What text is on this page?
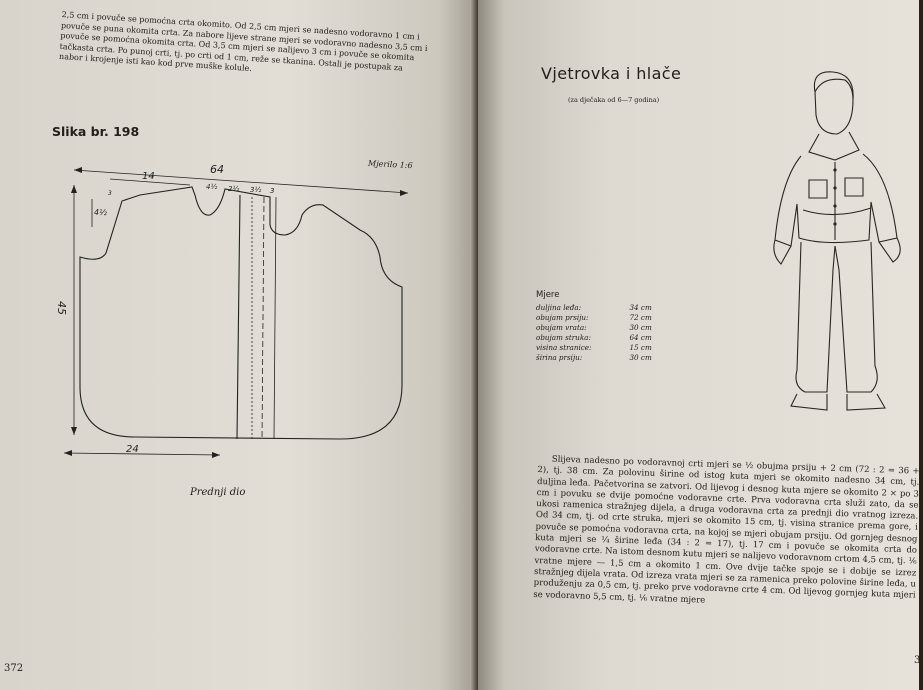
2,5 cm i povuče se pomoćna crta okomito. Od 2,5 cm mjeri se nadesno vodoravno 1 cm i povuče se puna okomita crta. Za naborе lijeve strane mjeri se vodoravno nadesno 3,5 cm i povuče se pomoćna okomita crta. Od 3,5 cm mjeri se nalijevo 3 cm i povuče se okomita tačkasta crta. Po punoj crti, tj. po crti od 1 cm, reže se tkanina. Ostali je postupak za nabor i krojenje isti kao kod prve muške kolule.

Slika br. 198
Mjerilo 1:6
64
14
4½ 2½ 3½ 3
4½
3
45
24
Prednji dio
372
Vjetrovka i hlače
(za dječaka od 6—7 godina)
Mjere
duljina leđa:	34 cm
obujam prsiju:	72 cm
obujam vrata:	30 cm
obujam struka:	64 cm
visina stranice:	15 cm
širina prsiju:	30 cm

Slijeva nadesno po vodoravnoj crti mjeri se ½ obujma prsiju + 2 cm (72 : 2 = 36 + 2), tj. 38 cm. Za polovinu širine od istog kuta mjeri se okomito nadesno 34 cm, tj. duljina leđa. Pačetvorina se zatvori. Od lijevog i desnog kuta mjere se okomito 2 × po 3 cm i povuku se dvije pomoćne vodoravne crte. Prva vodoravna crta služi zato, da se ukosi ramenica stražnjeg dijela, a druga vodoravna crta za prednji dio vratnog izreza. Od 34 cm, tj. od crte struka, mjeri se okomito 15 cm, tj. visina stranice prema gore, i povuče se pomoćna vodoravna crta, na kojoj se mjeri obujam prsiju. Od gornjeg desnog kuta mjeri se ¼ širine leđa (34 : 2 = 17), tj. 17 cm i povuče se okomita crta do vodoravne crte. Na istom desnom kutu mjeri se nalijevo vodoravnom crtom 4,5 cm, tj. ⅙ vratne mjere — 1,5 cm a okomito 1 cm. Ove dvije tačke spoje se i dobije se izrez stražnjeg dijela vrata. Od izreza vrata mjeri se za ramenica preko polovine širine leđa, u produženju za 0,5 cm, tj. preko prve vodoravne crte 4 cm. Od lijevog gornjeg kuta mjeri se vodoravno 5,5 cm, tj. ⅙ vratne mjere

3
